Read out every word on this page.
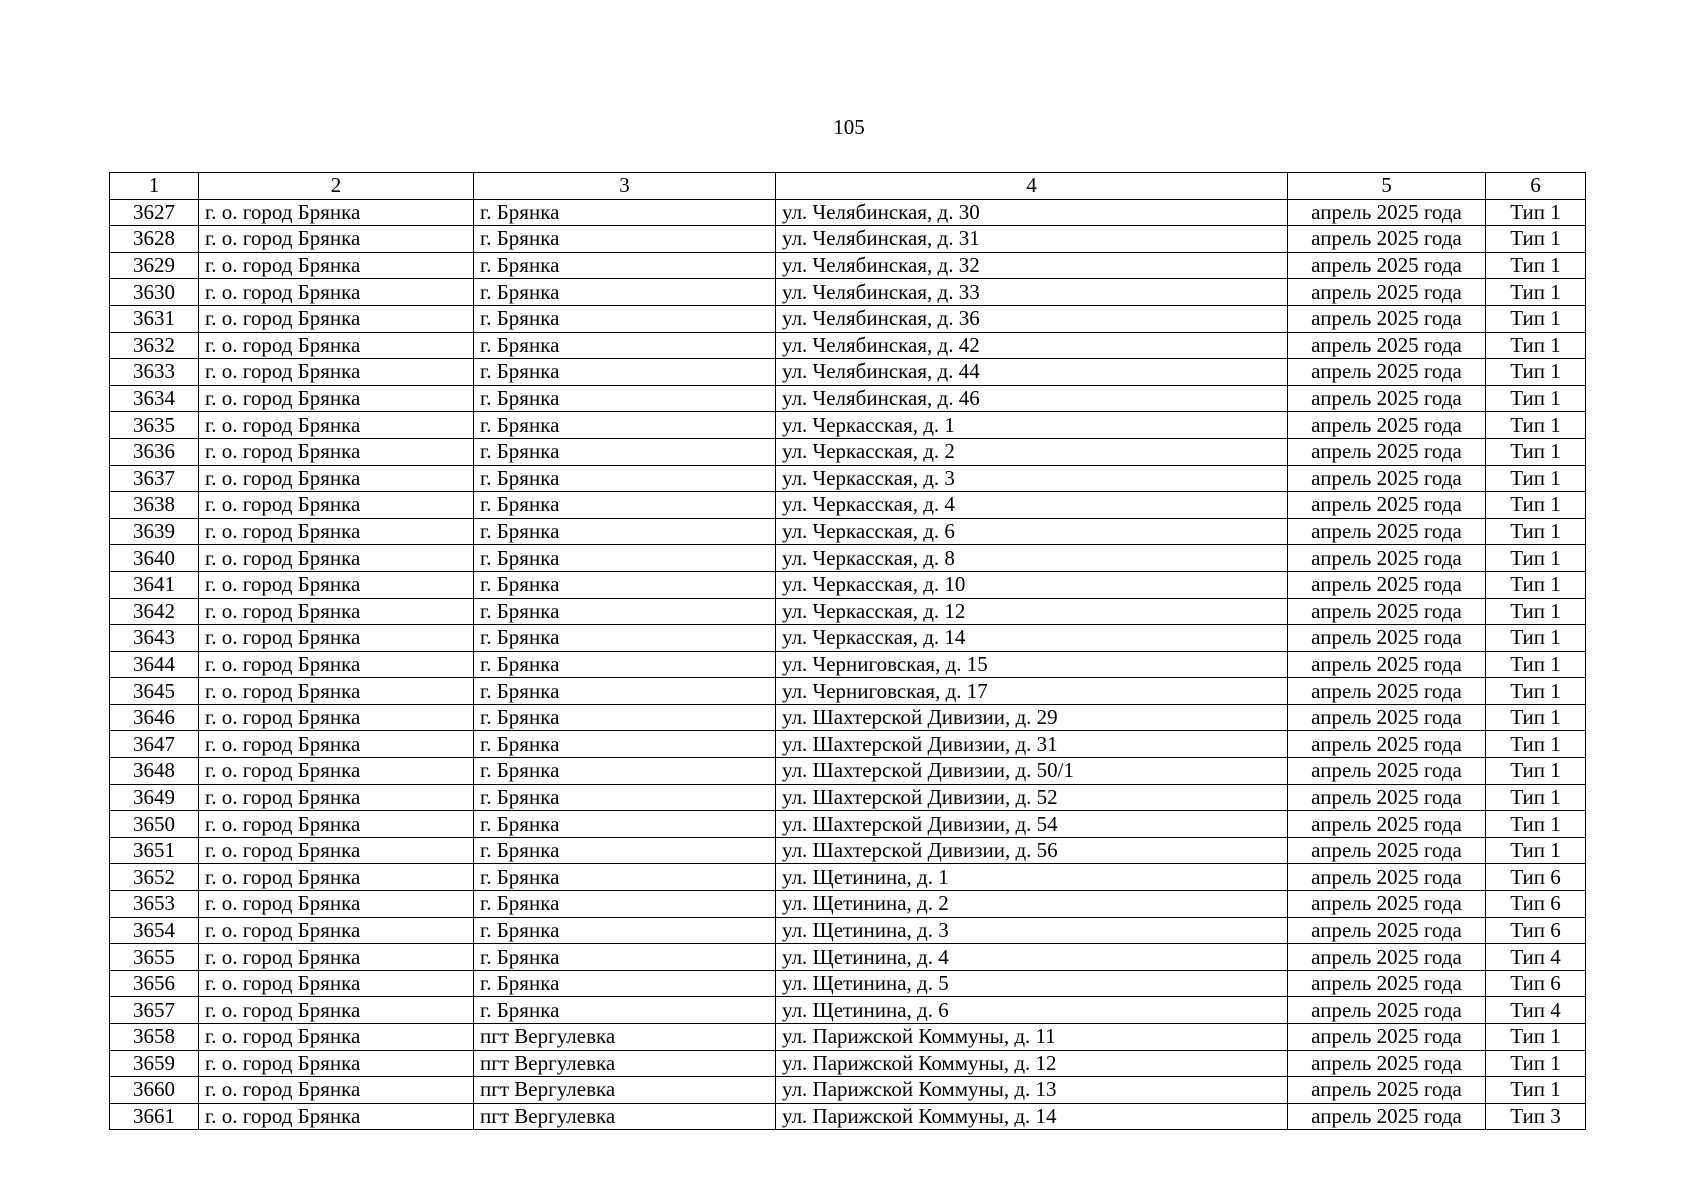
105
1	2	3	4	5	6
3627	г. о. город Брянка	г. Брянка	ул. Челябинская, д. 30	апрель 2025 года	Тип 1
3628	г. о. город Брянка	г. Брянка	ул. Челябинская, д. 31	апрель 2025 года	Тип 1
3629	г. о. город Брянка	г. Брянка	ул. Челябинская, д. 32	апрель 2025 года	Тип 1
3630	г. о. город Брянка	г. Брянка	ул. Челябинская, д. 33	апрель 2025 года	Тип 1
3631	г. о. город Брянка	г. Брянка	ул. Челябинская, д. 36	апрель 2025 года	Тип 1
3632	г. о. город Брянка	г. Брянка	ул. Челябинская, д. 42	апрель 2025 года	Тип 1
3633	г. о. город Брянка	г. Брянка	ул. Челябинская, д. 44	апрель 2025 года	Тип 1
3634	г. о. город Брянка	г. Брянка	ул. Челябинская, д. 46	апрель 2025 года	Тип 1
3635	г. о. город Брянка	г. Брянка	ул. Черкасская, д. 1	апрель 2025 года	Тип 1
3636	г. о. город Брянка	г. Брянка	ул. Черкасская, д. 2	апрель 2025 года	Тип 1
3637	г. о. город Брянка	г. Брянка	ул. Черкасская, д. 3	апрель 2025 года	Тип 1
3638	г. о. город Брянка	г. Брянка	ул. Черкасская, д. 4	апрель 2025 года	Тип 1
3639	г. о. город Брянка	г. Брянка	ул. Черкасская, д. 6	апрель 2025 года	Тип 1
3640	г. о. город Брянка	г. Брянка	ул. Черкасская, д. 8	апрель 2025 года	Тип 1
3641	г. о. город Брянка	г. Брянка	ул. Черкасская, д. 10	апрель 2025 года	Тип 1
3642	г. о. город Брянка	г. Брянка	ул. Черкасская, д. 12	апрель 2025 года	Тип 1
3643	г. о. город Брянка	г. Брянка	ул. Черкасская, д. 14	апрель 2025 года	Тип 1
3644	г. о. город Брянка	г. Брянка	ул. Черниговская, д. 15	апрель 2025 года	Тип 1
3645	г. о. город Брянка	г. Брянка	ул. Черниговская, д. 17	апрель 2025 года	Тип 1
3646	г. о. город Брянка	г. Брянка	ул. Шахтерской Дивизии, д. 29	апрель 2025 года	Тип 1
3647	г. о. город Брянка	г. Брянка	ул. Шахтерской Дивизии, д. 31	апрель 2025 года	Тип 1
3648	г. о. город Брянка	г. Брянка	ул. Шахтерской Дивизии, д. 50/1	апрель 2025 года	Тип 1
3649	г. о. город Брянка	г. Брянка	ул. Шахтерской Дивизии, д. 52	апрель 2025 года	Тип 1
3650	г. о. город Брянка	г. Брянка	ул. Шахтерской Дивизии, д. 54	апрель 2025 года	Тип 1
3651	г. о. город Брянка	г. Брянка	ул. Шахтерской Дивизии, д. 56	апрель 2025 года	Тип 1
3652	г. о. город Брянка	г. Брянка	ул. Щетинина, д. 1	апрель 2025 года	Тип 6
3653	г. о. город Брянка	г. Брянка	ул. Щетинина, д. 2	апрель 2025 года	Тип 6
3654	г. о. город Брянка	г. Брянка	ул. Щетинина, д. 3	апрель 2025 года	Тип 6
3655	г. о. город Брянка	г. Брянка	ул. Щетинина, д. 4	апрель 2025 года	Тип 4
3656	г. о. город Брянка	г. Брянка	ул. Щетинина, д. 5	апрель 2025 года	Тип 6
3657	г. о. город Брянка	г. Брянка	ул. Щетинина, д. 6	апрель 2025 года	Тип 4
3658	г. о. город Брянка	пгт Вергулевка	ул. Парижской Коммуны, д. 11	апрель 2025 года	Тип 1
3659	г. о. город Брянка	пгт Вергулевка	ул. Парижской Коммуны, д. 12	апрель 2025 года	Тип 1
3660	г. о. город Брянка	пгт Вергулевка	ул. Парижской Коммуны, д. 13	апрель 2025 года	Тип 1
3661	г. о. город Брянка	пгт Вергулевка	ул. Парижской Коммуны, д. 14	апрель 2025 года	Тип 3
